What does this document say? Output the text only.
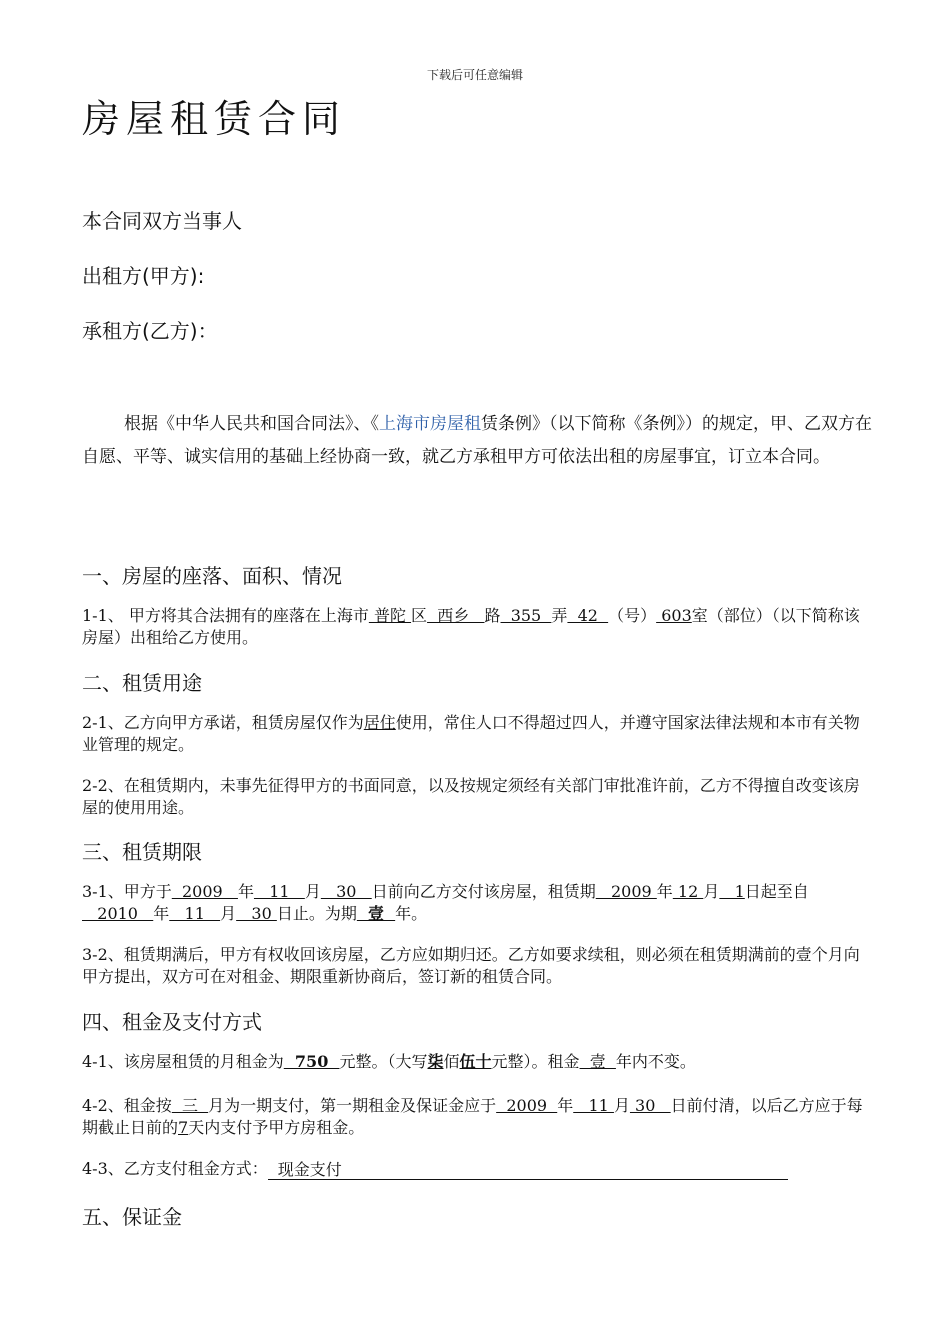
下载后可任意编辑
房屋租赁合同
本合同双方当事人
出租方(甲方):
承租方(乙方)：

根据《中华人民共和国合同法》、《上海市房屋租赁条例》（以下简称《条例》）的规定，甲、乙双方在自愿、平等、诚实信用的基础上经协商一致，就乙方承租甲方可依法出租的房屋事宜，订立本合同。

一、房屋的座落、面积、情况

1-1、 甲方将其合法拥有的座落在上海市 普陀 区  西乡   路  355  弄  42  （号） 603室（部位）（以下简称该房屋）出租给乙方使用。

二、租赁用途

2-1、乙方向甲方承诺，租赁房屋仅作为居住使用，常住人口不得超过四人，并遵守国家法律法规和本市有关物业管理的规定。

2-2、在租赁期内，未事先征得甲方的书面同意，以及按规定须经有关部门审批准许前，乙方不得擅自改变该房屋的使用用途。

三、租赁期限

3-1、甲方于  2009   年   11   月   30   日前向乙方交付该房屋，租赁期   2009 年 12 月   1日起至自   2010   年   11   月   30 日止。为期  壹  年。

3-2、租赁期满后，甲方有权收回该房屋，乙方应如期归还。乙方如要求续租，则必须在租赁期满前的壹个月向甲方提出，双方可在对租金、期限重新协商后，签订新的租赁合同。

四、租金及支付方式

4-1、该房屋租赁的月租金为  750  元整。（大写柒佰伍十元整）。租金  壹  年内不变。

4-2、租金按  三  月为一期支付，第一期租金及保证金应于  2009  年   11 月 30   日前付清，以后乙方应于每期截止日前的7天内支付予甲方房租金。

4-3、乙方支付租金方式： 现金支付

五、保证金
